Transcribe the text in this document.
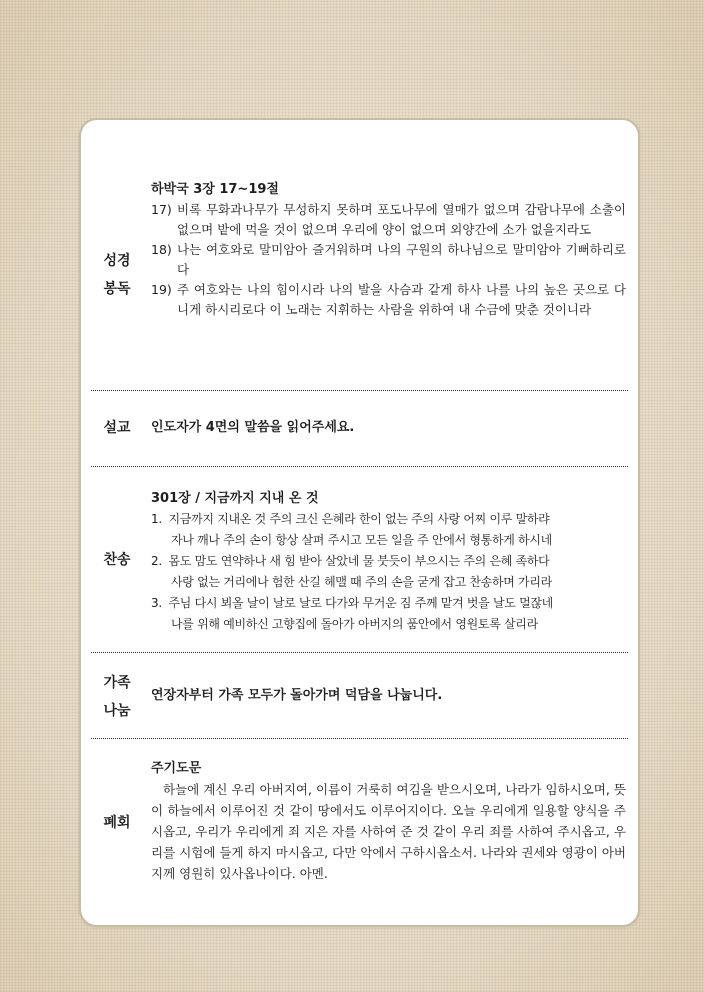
성경
봉독
하박국 3장 17~19절
17) 비록 무화과나무가 무성하지 못하며 포도나무에 열매가 없으며 감람나무에 소출이 없으며 밭에 먹을 것이 없으며 우리에 양이 없으며 외양간에 소가 없을지라도
18) 나는 여호와로 말미암아 즐거워하며 나의 구원의 하나님으로 말미암아 기뻐하리로다
19) 주 여호와는 나의 힘이시라 나의 발을 사슴과 같게 하사 나를 나의 높은 곳으로 다니게 하시리로다 이 노래는 지휘하는 사람을 위하여 내 수금에 맞춘 것이니라
설교	인도자가 4면의 말씀을 읽어주세요.
찬송
301장 / 지금까지 지내 온 것
1. 지금까지 지내온 것 주의 크신 은혜라 한이 없는 주의 사랑 어찌 이루 말하랴
자나 깨나 주의 손이 항상 살펴 주시고 모든 일을 주 안에서 형통하게 하시네
2. 몸도 맘도 연약하나 새 힘 받아 살았네 물 붓듯이 부으시는 주의 은혜 족하다
사랑 없는 거리에나 험한 산길 헤맬 때 주의 손을 굳게 잡고 찬송하며 가리라
3. 주님 다시 뵈올 날이 날로 날로 다가와 무거운 짐 주께 맡겨 벗을 날도 멀잖네
나를 위해 예비하신 고향집에 돌아가 아버지의 품안에서 영원토록 살리라
가족
나눔
연장자부터 가족 모두가 돌아가며 덕담을 나눕니다.
폐회
주기도문
하늘에 계신 우리 아버지여, 이름이 거룩히 여김을 받으시오며, 나라가 임하시오며, 뜻이 하늘에서 이루어진 것 같이 땅에서도 이루어지이다. 오늘 우리에게 일용할 양식을 주시옵고, 우리가 우리에게 죄 지은 자를 사하여 준 것 같이 우리 죄를 사하여 주시옵고, 우리를 시험에 들게 하지 마시옵고, 다만 악에서 구하시옵소서. 나라와 권세와 영광이 아버지께 영원히 있사옵나이다. 아멘.
